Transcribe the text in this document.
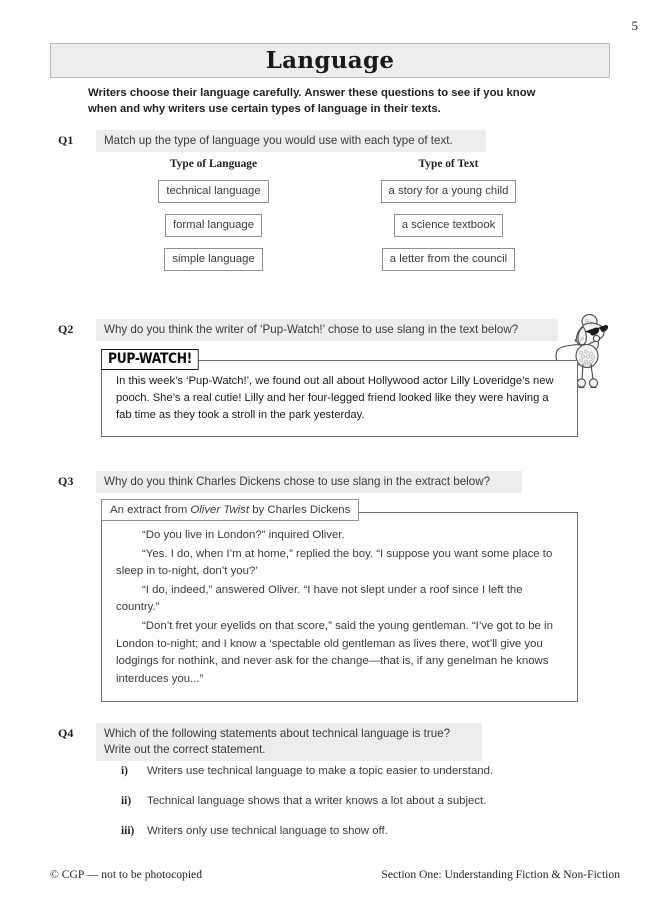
5
Language
Writers choose their language carefully. Answer these questions to see if you know when and why writers use certain types of language in their texts.
Q1	Match up the type of language you would use with each type of text.
Type of Language	Type of Text
technical language	a story for a young child
formal language	a science textbook
simple language	a letter from the council
Q2	Why do you think the writer of ‘Pup-Watch!’ chose to use slang in the text below?
In this week’s ‘Pup-Watch!’, we found out all about Hollywood actor Lilly Loveridge’s new pooch. She’s a real cutie! Lilly and her four-legged friend looked like they were having a fab time as they took a stroll in the park yesterday.
PUP-WATCH!
Q3	Why do you think Charles Dickens chose to use slang in the extract below?

“Do you live in London?” inquired Oliver.

“Yes. I do, when I’m at home,” replied the boy. “I suppose you want some place to sleep in to-night, don’t you?’

“I do, indeed,” answered Oliver. “I have not slept under a roof since I left the country.”

“Don’t fret your eyelids on that score,” said the young gentleman. “I’ve got to be in London to-night; and I know a ‘spectable old gentleman as lives there, wot’ll give you lodgings for nothink, and never ask for the change—that is, if any genelman he knows interduces you...”

An extract from Oliver Twist by Charles Dickens
Q4	Which of the following statements about technical language is true? Write out the correct statement.
i)	Writers use technical language to make a topic easier to understand.
ii)	Technical language shows that a writer knows a lot about a subject.
iii)	Writers only use technical language to show off.
© CGP — not to be photocopied	Section One: Understanding Fiction & Non-Fiction
